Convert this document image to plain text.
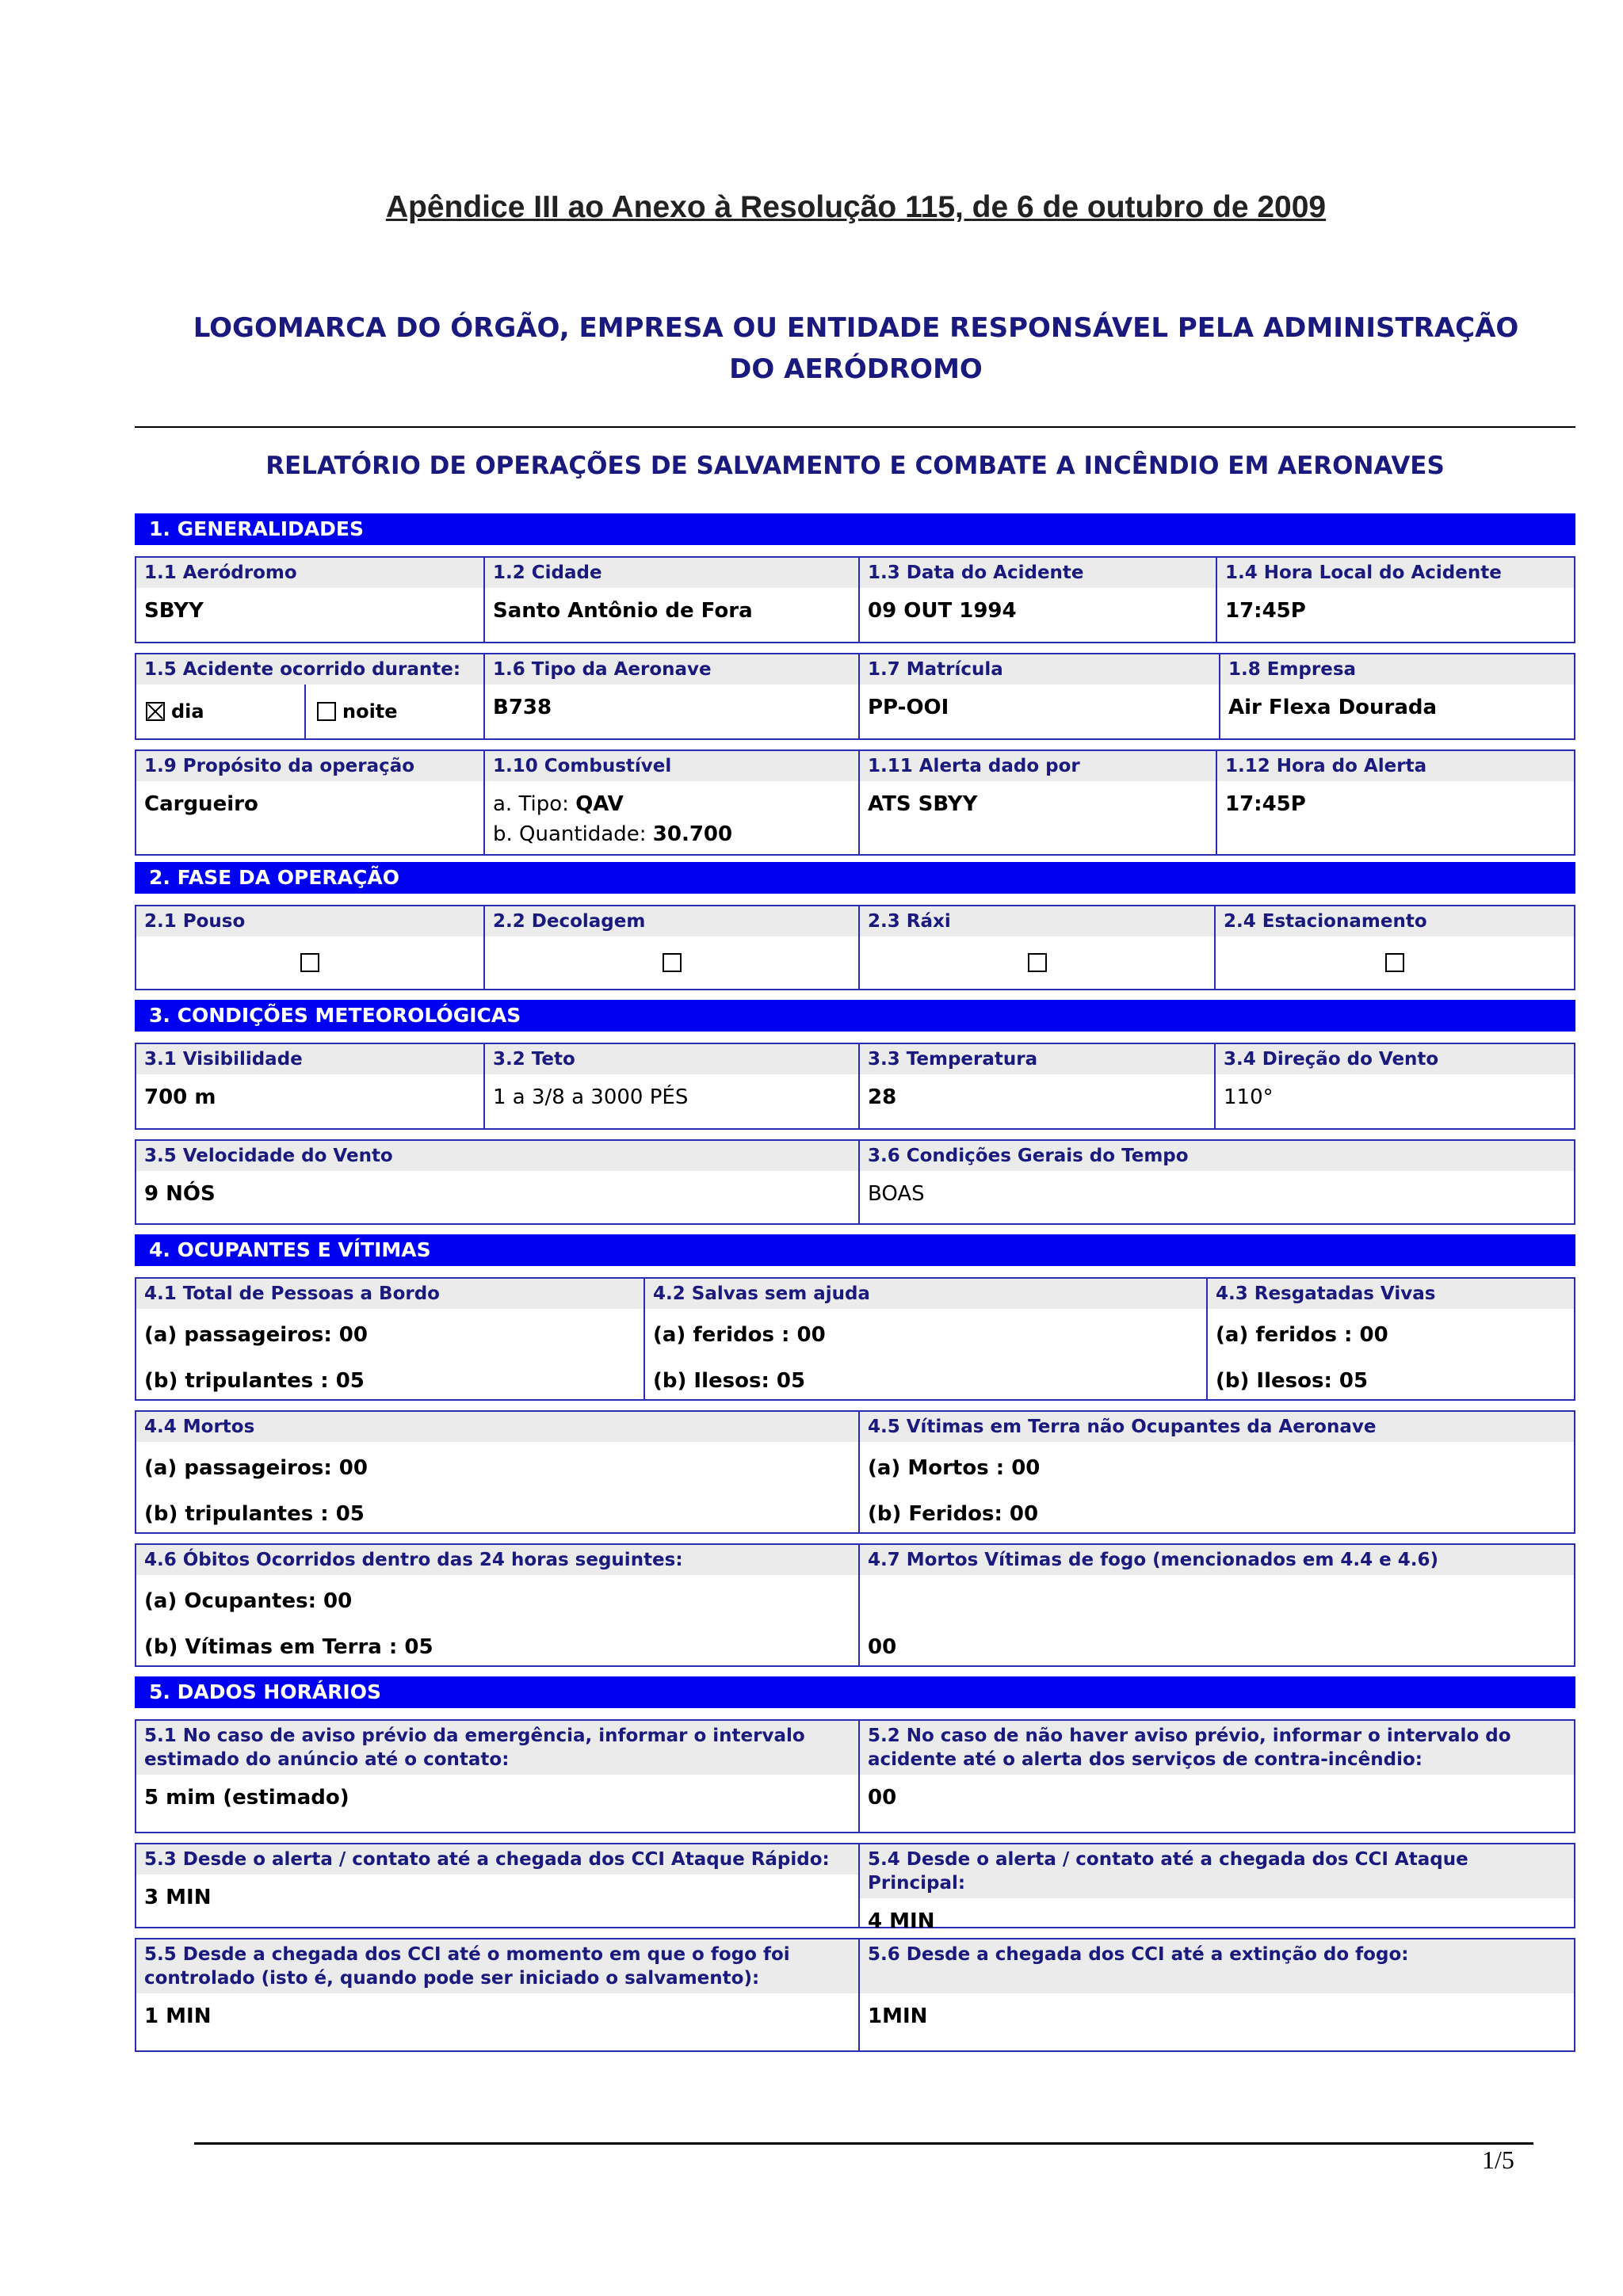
Apêndice III ao Anexo à Resolução 115, de 6 de outubro de 2009
LOGOMARCA DO ÓRGÃO, EMPRESA OU ENTIDADE RESPONSÁVEL PELA ADMINISTRAÇÃO
DO AERÓDROMO
RELATÓRIO DE OPERAÇÕES DE SALVAMENTO E COMBATE A INCÊNDIO EM AERONAVES
1. GENERALIDADES
1.1 Aeródromo
SBYY
1.2 Cidade
Santo Antônio de Fora
1.3 Data do Acidente
09 OUT 1994
1.4 Hora Local do Acidente
17:45P
1.5 Acidente ocorrido durante:
dia	noite
1.6 Tipo da Aeronave
B738
1.7 Matrícula
PP-OOI
1.8 Empresa
Air Flexa Dourada
1.9 Propósito da operação
Cargueiro
1.10 Combustível
a. Tipo: QAV
b. Quantidade: 30.700
1.11 Alerta dado por
ATS SBYY
1.12 Hora do Alerta
17:45P
2. FASE DA OPERAÇÃO
2.1 Pouso	2.2 Decolagem	2.3 Ráxi	2.4 Estacionamento
3. CONDIÇÕES METEOROLÓGICAS
3.1 Visibilidade
700 m
3.2 Teto
1 a 3/8 a 3000 PÉS
3.3 Temperatura
28
3.4 Direção do Vento
110°
3.5 Velocidade do Vento
9 NÓS
3.6 Condições Gerais do Tempo
BOAS
4. OCUPANTES E VÍTIMAS
4.1 Total de Pessoas a Bordo
(a) passageiros: 00
(b) tripulantes : 05
4.2 Salvas sem ajuda
(a) feridos : 00
(b) Ilesos: 05
4.3 Resgatadas Vivas
(a) feridos : 00
(b) Ilesos: 05
4.4 Mortos
(a) passageiros: 00
(b) tripulantes : 05
4.5 Vítimas em Terra não Ocupantes da Aeronave
(a) Mortos : 00
(b) Feridos: 00
4.6 Óbitos Ocorridos dentro das 24 horas seguintes:
(a) Ocupantes: 00
(b) Vítimas em Terra : 05
4.7 Mortos Vítimas de fogo (mencionados em 4.4 e 4.6)
00
5. DADOS HORÁRIOS
5.1 No caso de aviso prévio da emergência, informar o intervalo estimado do anúncio até o contato:
5 mim (estimado)
5.2 No caso de não haver aviso prévio, informar o intervalo do acidente até o alerta dos serviços de contra-incêndio:
00
5.3 Desde o alerta / contato até a chegada dos CCI Ataque Rápido:
3 MIN
5.4 Desde o alerta / contato até a chegada dos CCI Ataque Principal:
4 MIN
5.5 Desde a chegada dos CCI até o momento em que o fogo foi controlado (isto é, quando pode ser iniciado o salvamento):
1 MIN
5.6 Desde a chegada dos CCI até a extinção do fogo:
1MIN
1/5
